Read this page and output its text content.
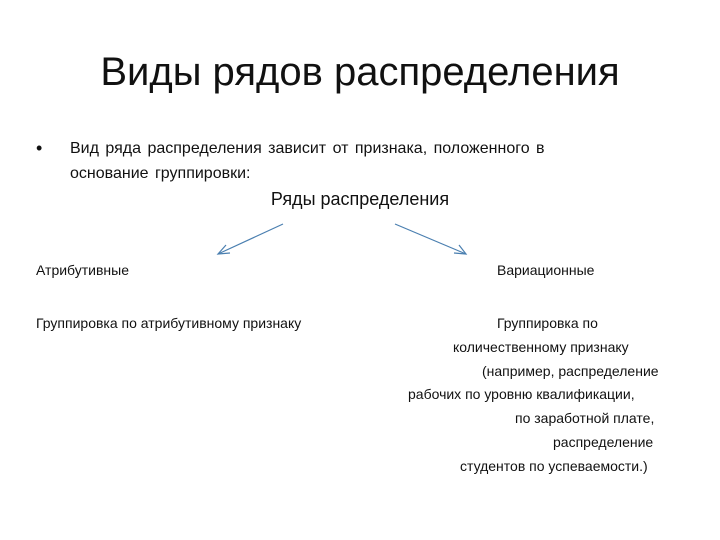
Виды рядов распределения
• Вид ряда распределения зависит от признака, положенного в
основание группировки:
Ряды распределения
Атрибутивные	Вариационные
Группировка по атрибутивному признаку	Группировка по
количественному признаку
(например, распределение
рабочих по уровню квалификации,
по заработной плате,
распределение
студентов по успеваемости.)
